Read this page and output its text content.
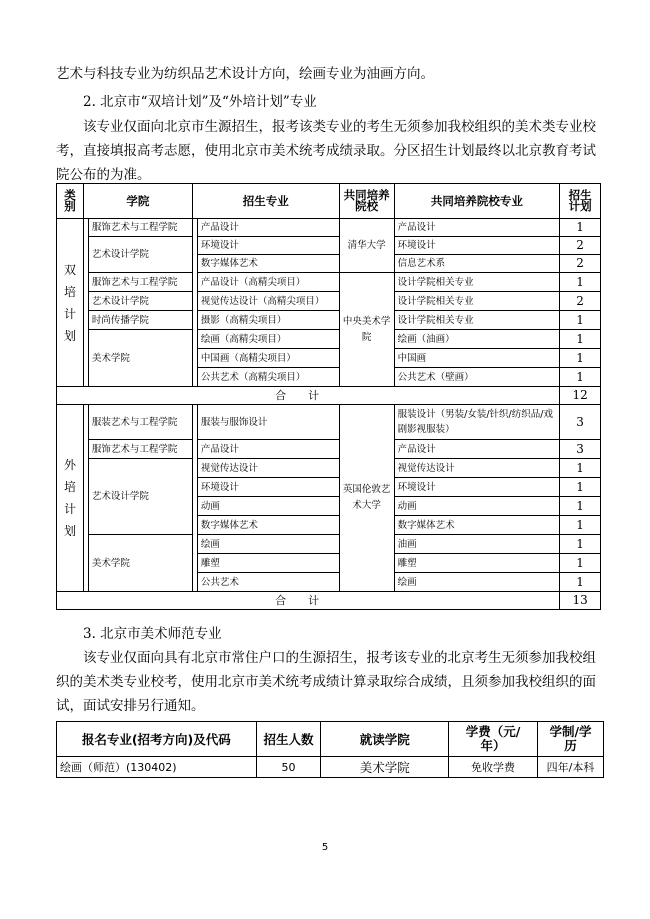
艺术与科技专业为纺织品艺术设计方向，绘画专业为油画方向。
2. 北京市“双培计划”及“外培计划”专业
该专业仅面向北京市生源招生，报考该类专业的考生无须参加我校组织的美术类专业校考，直接填报高考志愿，使用北京市美术统考成绩录取。分区招生计划最终以北京教育考试院公布的为准。
类别	学院		招生专业		共同培养院校	共同培养院校专业	招生计划
双培计划		服饰艺术与工程学院		产品设计	清华大学	产品设计	1
		艺术设计学院		环境设计		环境设计	2
				数字媒体艺术		信息艺术系	2
		服饰艺术与工程学院		产品设计（高精尖项目）	中央美术学院	设计学院相关专业	1
		艺术设计学院		视觉传达设计（高精尖项目）		设计学院相关专业	2
		时尚传播学院		摄影（高精尖项目）		设计学院相关专业	1
		美术学院		绘画（高精尖项目）		绘画（油画）	1
				中国画（高精尖项目）		中国画	1
				公共艺术（高精尖项目）		公共艺术（壁画）	1
合计							12
外培计划		服装艺术与工程学院		服装与服饰设计	英国伦敦艺术大学	服装设计（男装/女装/针织/纺织品/戏剧影视服装）	3
		服饰艺术与工程学院		产品设计		产品设计	3
		艺术设计学院		视觉传达设计		视觉传达设计	1
				环境设计		环境设计	1
				动画		动画	1
				数字媒体艺术		数字媒体艺术	1
		美术学院		绘画		油画	1
				雕塑		雕塑	1
				公共艺术		绘画	1
合计							13
3. 北京市美术师范专业
该专业仅面向具有北京市常住户口的生源招生，报考该专业的北京考生无须参加我校组织的美术类专业校考，使用北京市美术统考成绩计算录取综合成绩，且须参加我校组织的面试，面试安排另行通知。
报名专业(招考方向)及代码	招生人数	就读学院	学费（元/年）	学制/学历
绘画（师范）(130402)	50	美术学院	免收学费	四年/本科
5
